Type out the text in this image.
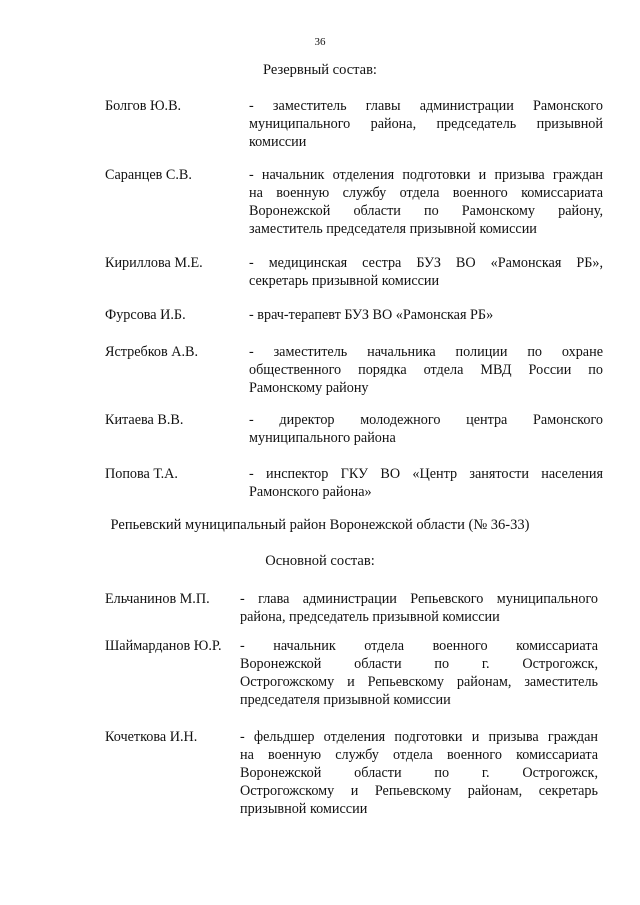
36
Резервный состав:
Болгов Ю.В.	- заместитель главы администрации Рамонского
муниципального района, председатель призывной
комиссии
Саранцев С.В.	- начальник отделения подготовки и призыва граждан
на военную службу отдела военного комиссариата
Воронежской области по Рамонскому району,
заместитель председателя призывной комиссии
Кириллова М.Е.	- медицинская сестра БУЗ ВО «Рамонская РБ»,
секретарь призывной комиссии
Фурсова И.Б.	- врач-терапевт БУЗ ВО «Рамонская РБ»
Ястребков А.В.	- заместитель начальника полиции по охране
общественного порядка отдела МВД России по
Рамонскому району
Китаева В.В.	- директор молодежного центра Рамонского
муниципального района
Попова Т.А.	- инспектор ГКУ ВО «Центр занятости населения
Рамонского района»
Репьевский муниципальный район Воронежской области (№ 36-33)
Основной состав:
Ельчанинов М.П. - глава администрации Репьевского муниципального
района, председатель призывной комиссии
Шаймарданов Ю.Р. - начальник отдела военного комиссариата
Воронежской области по г. Острогожск,
Острогожскому и Репьевскому районам, заместитель
председателя призывной комиссии
Кочеткова И.Н.	- фельдшер отделения подготовки и призыва граждан
на военную службу отдела военного комиссариата
Воронежской области по г. Острогожск,
Острогожскому и Репьевскому районам, секретарь
призывной комиссии
